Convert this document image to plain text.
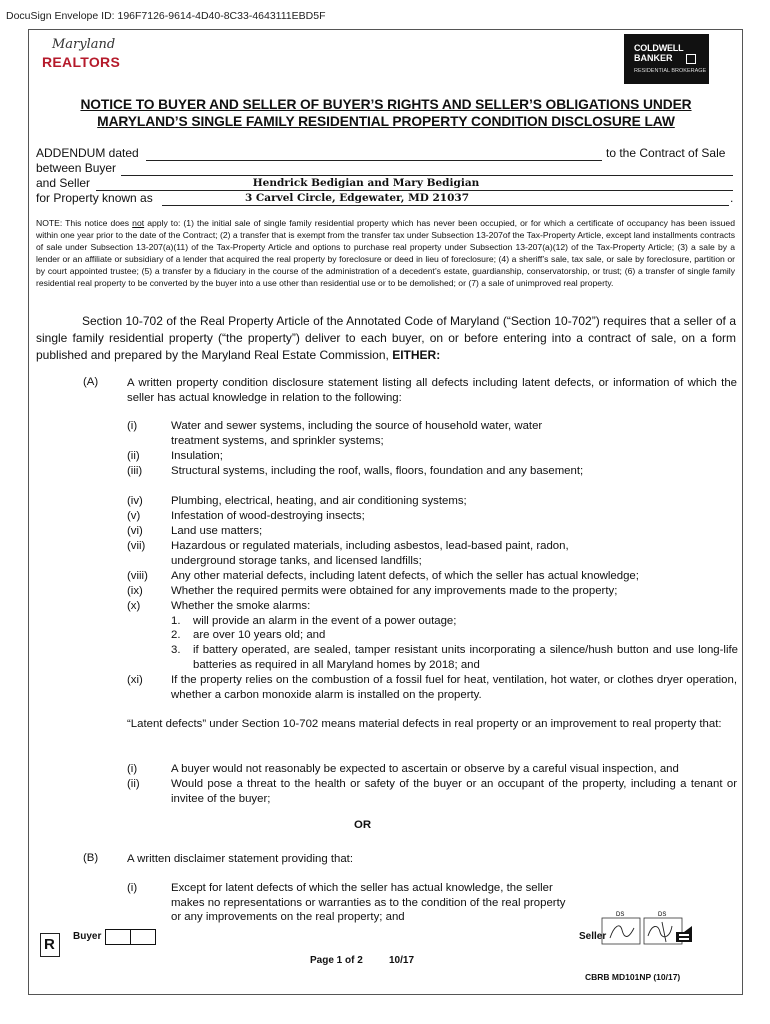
DocuSign Envelope ID: 196F7126-9614-4D40-8C33-4643111EBD5F
Maryland
REALTORS
COLDWELL
BANKER
RESIDENTIAL BROKERAGE
NOTICE TO BUYER AND SELLER OF BUYER’S RIGHTS AND SELLER’S OBLIGATIONS UNDER
MARYLAND’S SINGLE FAMILY RESIDENTIAL PROPERTY CONDITION DISCLOSURE LAW
ADDENDUM dated	to the Contract of Sale
between Buyer
and Seller	Hendrick Bedigian and Mary Bedigian
for Property known as	3 Carvel Circle, Edgewater, MD 21037	.
NOTE: This notice does not apply to: (1) the initial sale of single family residential property which has never been occupied, or for which a certificate of occupancy has been issued within one year prior to the date of the Contract; (2) a transfer that is exempt from the transfer tax under Subsection 13-207of the Tax-Property Article, except land installments contracts of sale under Subsection 13-207(a)(11) of the Tax-Property Article and options to purchase real property under Subsection 13-207(a)(12) of the Tax-Property Article; (3) a sale by a lender or an affiliate or subsidiary of a lender that acquired the real property by foreclosure or deed in lieu of foreclosure; (4) a sheriff’s sale, tax sale, or sale by foreclosure, partition or by court appointed trustee; (5) a transfer by a fiduciary in the course of the administration of a decedent’s estate, guardianship, conservatorship, or trust; (6) a transfer of single family residential real property to be converted by the buyer into a use other than residential use or to be demolished; or (7) a sale of unimproved real property.
Section 10-702 of the Real Property Article of the Annotated Code of Maryland (“Section 10-702”) requires that a seller of a single family residential property (“the property”) deliver to each buyer, on or before entering into a contract of sale, on a form published and prepared by the Maryland Real Estate Commission, EITHER:
(A)	A written property condition disclosure statement listing all defects including latent defects, or information of which the seller has actual knowledge in relation to the following:
(i)	Water and sewer systems, including the source of household water, water treatment systems, and sprinkler systems;
(ii)	Insulation;
(iii)	Structural systems, including the roof, walls, floors, foundation and any basement;
(iv) Plumbing, electrical, heating, and air conditioning systems;
(v)	Infestation of wood-destroying insects;
(vi) Land use matters;
(vii) Hazardous or regulated materials, including asbestos, lead-based paint, radon, underground storage tanks, and licensed landfills;
(viii) Any other material defects, including latent defects, of which the seller has actual knowledge;
(ix) Whether the required permits were obtained for any improvements made to the property;
(x)	Whether the smoke alarms:
1. will provide an alarm in the event of a power outage;
2. are over 10 years old; and
3. if battery operated, are sealed, tamper resistant units incorporating a silence/hush button and use long-life batteries as required in all Maryland homes by 2018; and
(xi) If the property relies on the combustion of a fossil fuel for heat, ventilation, hot water, or clothes dryer operation, whether a carbon monoxide alarm is installed on the property.
“Latent defects” under Section 10-702 means material defects in real property or an improvement to real property that:
(i)	A buyer would not reasonably be expected to ascertain or observe by a careful visual inspection, and
(ii)	Would pose a threat to the health or safety of the buyer or an occupant of the property, including a tenant or invitee of the buyer;
OR
(B)	A written disclaimer statement providing that:
(i)	Except for latent defects of which the seller has actual knowledge, the seller makes no representations or warranties as to the condition of the real property or any improvements on the real property; and
R Buyer	Seller
DS	DS
Page 1 of 2	10/17
CBRB MD101NP (10/17)
